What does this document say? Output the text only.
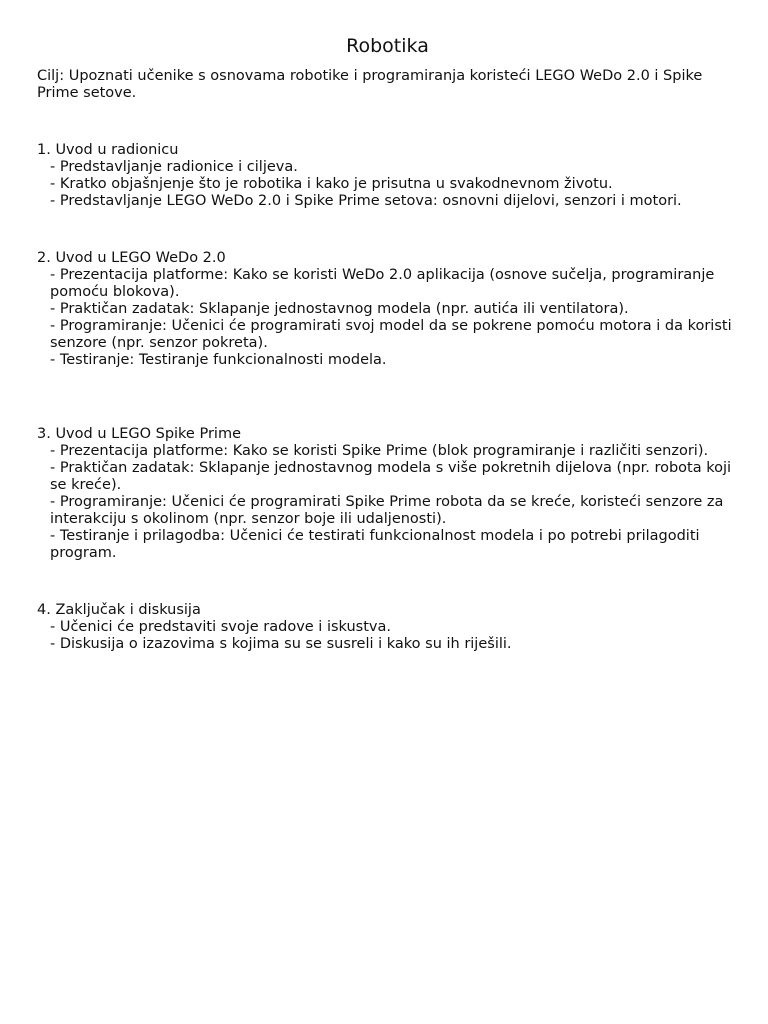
Robotika

Cilj: Upoznati učenike s osnovama robotike i programiranja koristeći LEGO WeDo 2.0 i Spike Prime setove.

1. Uvod u radionicu

- Predstavljanje radionice i ciljeva.

- Kratko objašnjenje što je robotika i kako je prisutna u svakodnevnom životu.

- Predstavljanje LEGO WeDo 2.0 i Spike Prime setova: osnovni dijelovi, senzori i motori.

2. Uvod u LEGO WeDo 2.0

- Prezentacija platforme: Kako se koristi WeDo 2.0 aplikacija (osnove sučelja, programiranje pomoću blokova).

- Praktičan zadatak: Sklapanje jednostavnog modela (npr. autića ili ventilatora).

- Programiranje: Učenici će programirati svoj model da se pokrene pomoću motora i da koristi senzore (npr. senzor pokreta).

- Testiranje: Testiranje funkcionalnosti modela.

3. Uvod u LEGO Spike Prime

- Prezentacija platforme: Kako se koristi Spike Prime (blok programiranje i različiti senzori).

- Praktičan zadatak: Sklapanje jednostavnog modela s više pokretnih dijelova (npr. robota koji se kreće).

- Programiranje: Učenici će programirati Spike Prime robota da se kreće, koristeći senzore za interakciju s okolinom (npr. senzor boje ili udaljenosti).

- Testiranje i prilagodba: Učenici će testirati funkcionalnost modela i po potrebi prilagoditi program.

4. Zaključak i diskusija

- Učenici će predstaviti svoje radove i iskustva.

- Diskusija o izazovima s kojima su se susreli i kako su ih riješili.
